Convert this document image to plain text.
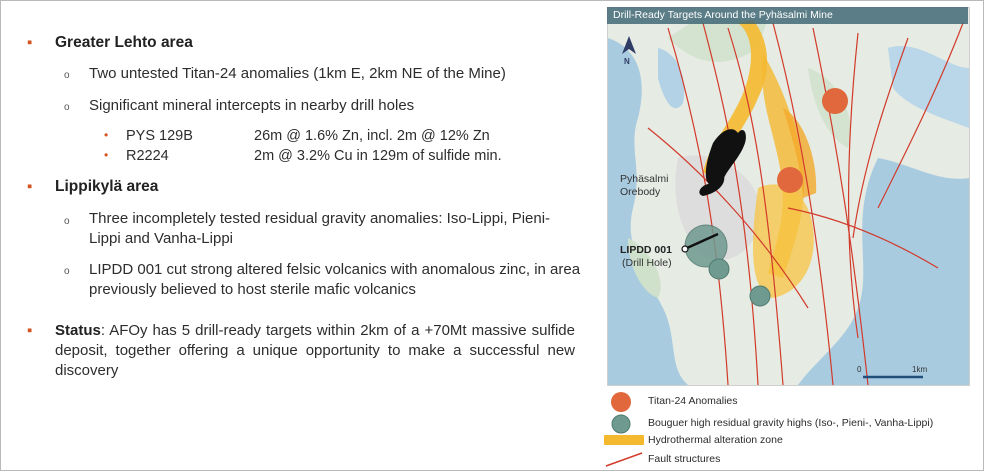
▪ Greater Lehto area
o Two untested Titan-24 anomalies (1km E, 2km NE of the Mine)
o Significant mineral intercepts in nearby drill holes
• PYS 129B	26m @ 1.6% Zn, incl. 2m @ 12% Zn
• R2224	2m @ 3.2% Cu in 129m of sulfide min.
▪ Lippikylä area
o Three incompletely tested residual gravity anomalies: Iso-Lippi, Pieni-Lippi and Vanha-Lippi
o LIPDD 001 cut strong altered felsic volcanics with anomalous zinc, in area previously believed to host sterile mafic volcanics
▪ Status: AFOy has 5 drill-ready targets within 2km of a +70Mt massive sulfide deposit, together offering a unique opportunity to make a successful new discovery
Drill-Ready Targets Around the Pyhäsalmi Mine
N
Pyhäsalmi
Orebody
LIPDD 001
(Drill Hole)
0	1km
Titan-24 Anomalies
Bouguer high residual gravity highs (Iso-, Pieni-, Vanha-Lippi)
Hydrothermal alteration zone
Fault structures
